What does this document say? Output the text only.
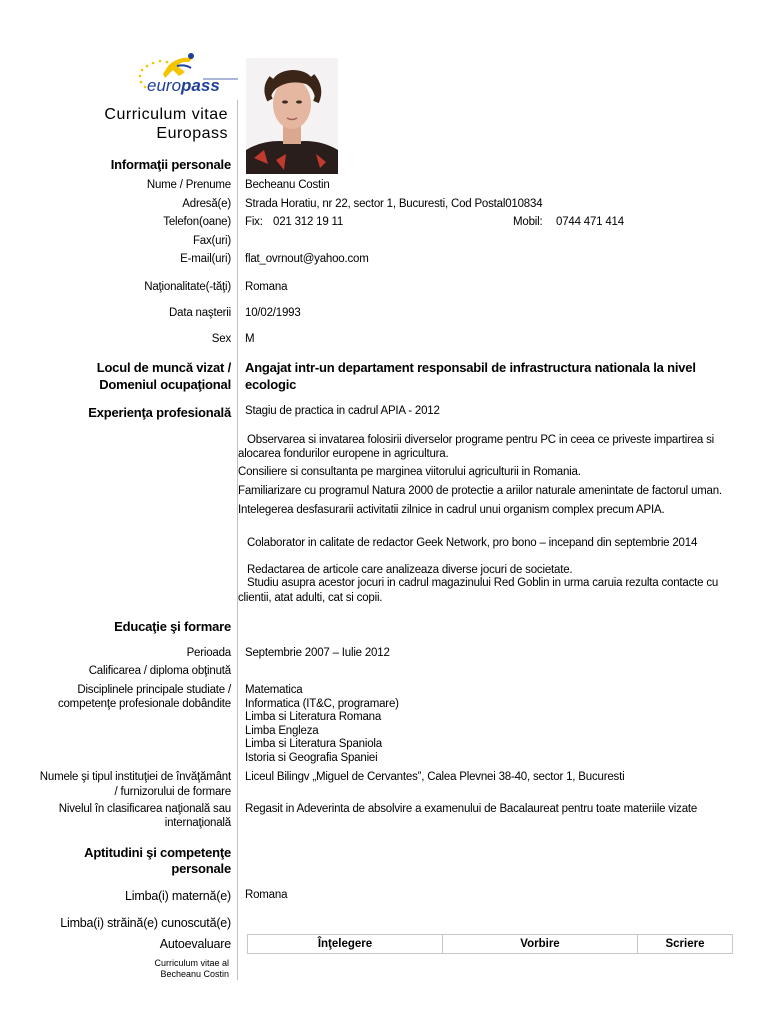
europass
Curriculum vitae
Europass
Informaţii personale
Nume / Prenume Becheanu Costin
Adresă(e) Strada Horatiu, nr 22, sector 1, Bucuresti, Cod Postal010834
Telefon(oane) Fix: 021 312 19 11	Mobil: 0744 471 414
Fax(uri)
E-mail(uri) flat_ovrnout@yahoo.com
Naţionalitate(-tăţi) Romana
Data naşterii 10/02/1993
Sex M
Locul de muncă vizat /
Domeniul ocupaţional
Angajat intr-un departament responsabil de infrastructura nationala la nivel
ecologic
Experienţa profesională Stagiu de practica in cadrul APIA - 2012
Observarea si invatarea folosirii diverselor programe pentru PC in ceea ce priveste impartirea si
alocarea fondurilor europene in agricultura.
Consiliere si consultanta pe marginea viitorului agriculturii in Romania.
Familiarizare cu programul Natura 2000 de protectie a ariilor naturale amenintate de factorul uman.
Intelegerea desfasurarii activitatii zilnice in cadrul unui organism complex precum APIA.
Colaborator in calitate de redactor Geek Network, pro bono – incepand din septembrie 2014
Redactarea de articole care analizeaza diverse jocuri de societate.
Studiu asupra acestor jocuri in cadrul magazinului Red Goblin in urma caruia rezulta contacte cu
clientii, atat adulti, cat si copii.
Educaţie şi formare
Perioada Septembrie 2007 – Iulie 2012
Calificarea / diploma obţinută
Disciplinele principale studiate /
competenţe profesionale dobândite
Matematica
Informatica (IT&C, programare)
Limba si Literatura Romana
Limba Engleza
Limba si Literatura Spaniola
Istoria si Geografia Spaniei
Numele şi tipul instituţiei de învăţământ
/ furnizorului de formare
Liceul Bilingv „Miguel de Cervantes”, Calea Plevnei 38-40, sector 1, Bucuresti
Nivelul în clasificarea naţională sau
internaţională
Regasit in Adeverinta de absolvire a examenului de Bacalaureat pentru toate materiile vizate
Aptitudini şi competenţe
personale
Limba(i) maternă(e) Romana
Limba(i) străină(e) cunoscută(e)
Autoevaluare	Înţelegere	Vorbire	Scriere
Curriculum vitae al
Becheanu Costin
